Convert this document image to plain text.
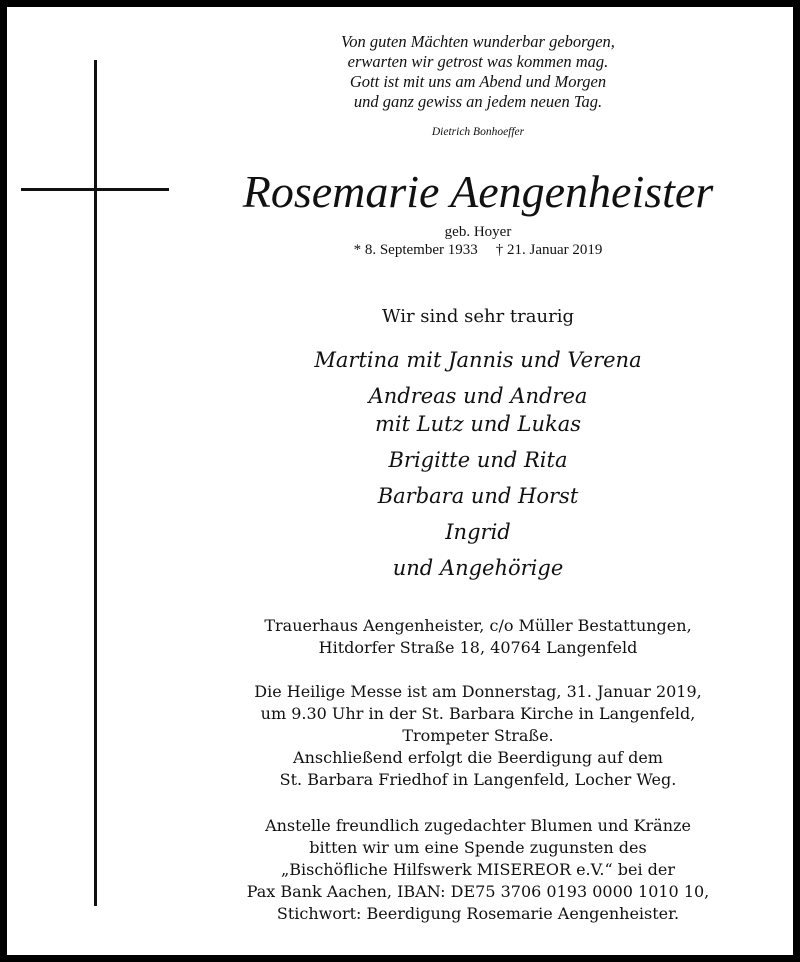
Von guten Mächten wunderbar geborgen,
erwarten wir getrost was kommen mag.
Gott ist mit uns am Abend und Morgen
und ganz gewiss an jedem neuen Tag.
Dietrich Bonhoeffer
Rosemarie Aengenheister
geb. Hoyer
* 8. September 1933 † 21. Januar 2019
Wir sind sehr traurig
Martina mit Jannis und Verena
Andreas und Andrea
mit Lutz und Lukas
Brigitte und Rita
Barbara und Horst
Ingrid
und Angehörige
Trauerhaus Aengenheister, c/o Müller Bestattungen,
Hitdorfer Straße 18, 40764 Langenfeld
Die Heilige Messe ist am Donnerstag, 31. Januar 2019,
um 9.30 Uhr in der St. Barbara Kirche in Langenfeld,
Trompeter Straße.
Anschließend erfolgt die Beerdigung auf dem
St. Barbara Friedhof in Langenfeld, Locher Weg.
Anstelle freundlich zugedachter Blumen und Kränze
bitten wir um eine Spende zugunsten des
„Bischöfliche Hilfswerk MISEREOR e.V.“ bei der
Pax Bank Aachen, IBAN: DE75 3706 0193 0000 1010 10,
Stichwort: Beerdigung Rosemarie Aengenheister.
